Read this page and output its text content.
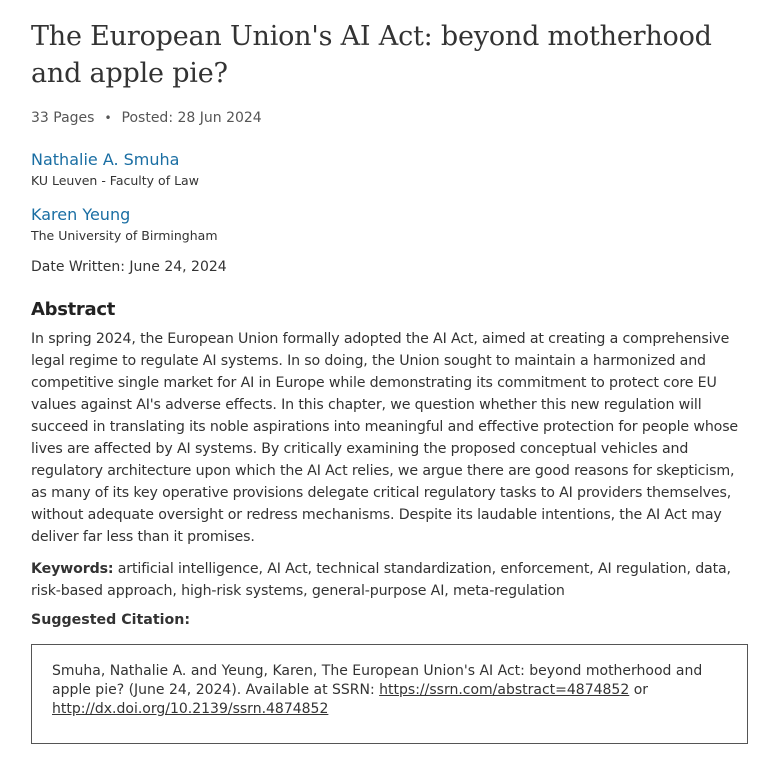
The European Union's AI Act: beyond motherhood and apple pie?
33 Pages • Posted: 28 Jun 2024
Nathalie A. Smuha
KU Leuven - Faculty of Law
Karen Yeung
The University of Birmingham
Date Written: June 24, 2024
Abstract

In spring 2024, the European Union formally adopted the AI Act, aimed at creating a comprehensive legal regime to regulate AI systems. In so doing, the Union sought to maintain a harmonized and competitive single market for AI in Europe while demonstrating its commitment to protect core EU values against AI's adverse effects. In this chapter, we question whether this new regulation will succeed in translating its noble aspirations into meaningful and effective protection for people whose lives are affected by AI systems. By critically examining the proposed conceptual vehicles and regulatory architecture upon which the AI Act relies, we argue there are good reasons for skepticism, as many of its key operative provisions delegate critical regulatory tasks to AI providers themselves, without adequate oversight or redress mechanisms. Despite its laudable intentions, the AI Act may deliver far less than it promises.

Keywords: artificial intelligence, AI Act, technical standardization, enforcement, AI regulation, data, risk-based approach, high-risk systems, general-purpose AI, meta-regulation

Suggested Citation:
Smuha, Nathalie A. and Yeung, Karen, The European Union's AI Act: beyond motherhood and apple pie? (June 24, 2024). Available at SSRN: https://ssrn.com/abstract=4874852 or
http://dx.doi.org/10.2139/ssrn.4874852
